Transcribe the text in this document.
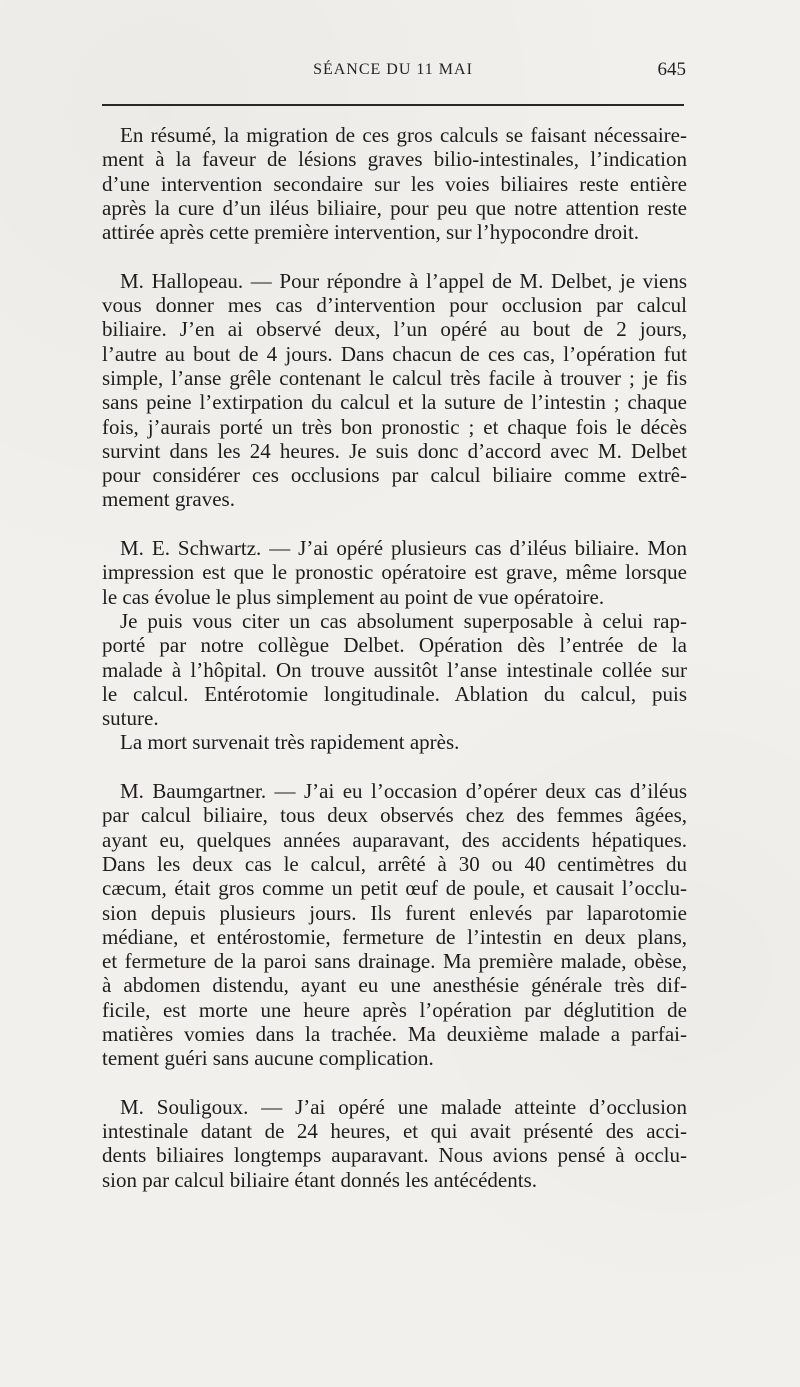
SÉANCE DU 11 MAI	645
En résumé, la migration de ces gros calculs se faisant nécessaire-
ment à la faveur de lésions graves bilio-intestinales, l’indication
d’une intervention secondaire sur les voies biliaires reste entière
après la cure d’un iléus biliaire, pour peu que notre attention reste
attirée après cette première intervention, sur l’hypocondre droit.
M. Hallopeau. — Pour répondre à l’appel de M. Delbet, je viens
vous donner mes cas d’intervention pour occlusion par calcul
biliaire. J’en ai observé deux, l’un opéré au bout de 2 jours,
l’autre au bout de 4 jours. Dans chacun de ces cas, l’opération fut
simple, l’anse grêle contenant le calcul très facile à trouver ; je fis
sans peine l’extirpation du calcul et la suture de l’intestin ; chaque
fois, j’aurais porté un très bon pronostic ; et chaque fois le décès
survint dans les 24 heures. Je suis donc d’accord avec M. Delbet
pour considérer ces occlusions par calcul biliaire comme extrê-
mement graves.
M. E. Schwartz. — J’ai opéré plusieurs cas d’iléus biliaire. Mon
impression est que le pronostic opératoire est grave, même lorsque
le cas évolue le plus simplement au point de vue opératoire.
Je puis vous citer un cas absolument superposable à celui rap-
porté par notre collègue Delbet. Opération dès l’entrée de la
malade à l’hôpital. On trouve aussitôt l’anse intestinale collée sur
le calcul. Entérotomie longitudinale. Ablation du calcul, puis
suture.
La mort survenait très rapidement après.
M. Baumgartner. — J’ai eu l’occasion d’opérer deux cas d’iléus
par calcul biliaire, tous deux observés chez des femmes âgées,
ayant eu, quelques années auparavant, des accidents hépatiques.
Dans les deux cas le calcul, arrêté à 30 ou 40 centimètres du
cæcum, était gros comme un petit œuf de poule, et causait l’occlu-
sion depuis plusieurs jours. Ils furent enlevés par laparotomie
médiane, et entérostomie, fermeture de l’intestin en deux plans,
et fermeture de la paroi sans drainage. Ma première malade, obèse,
à abdomen distendu, ayant eu une anesthésie générale très dif-
ficile, est morte une heure après l’opération par déglutition de
matières vomies dans la trachée. Ma deuxième malade a parfai-
tement guéri sans aucune complication.
M. Souligoux. — J’ai opéré une malade atteinte d’occlusion
intestinale datant de 24 heures, et qui avait présenté des acci-
dents biliaires longtemps auparavant. Nous avions pensé à occlu-
sion par calcul biliaire étant donnés les antécédents.
